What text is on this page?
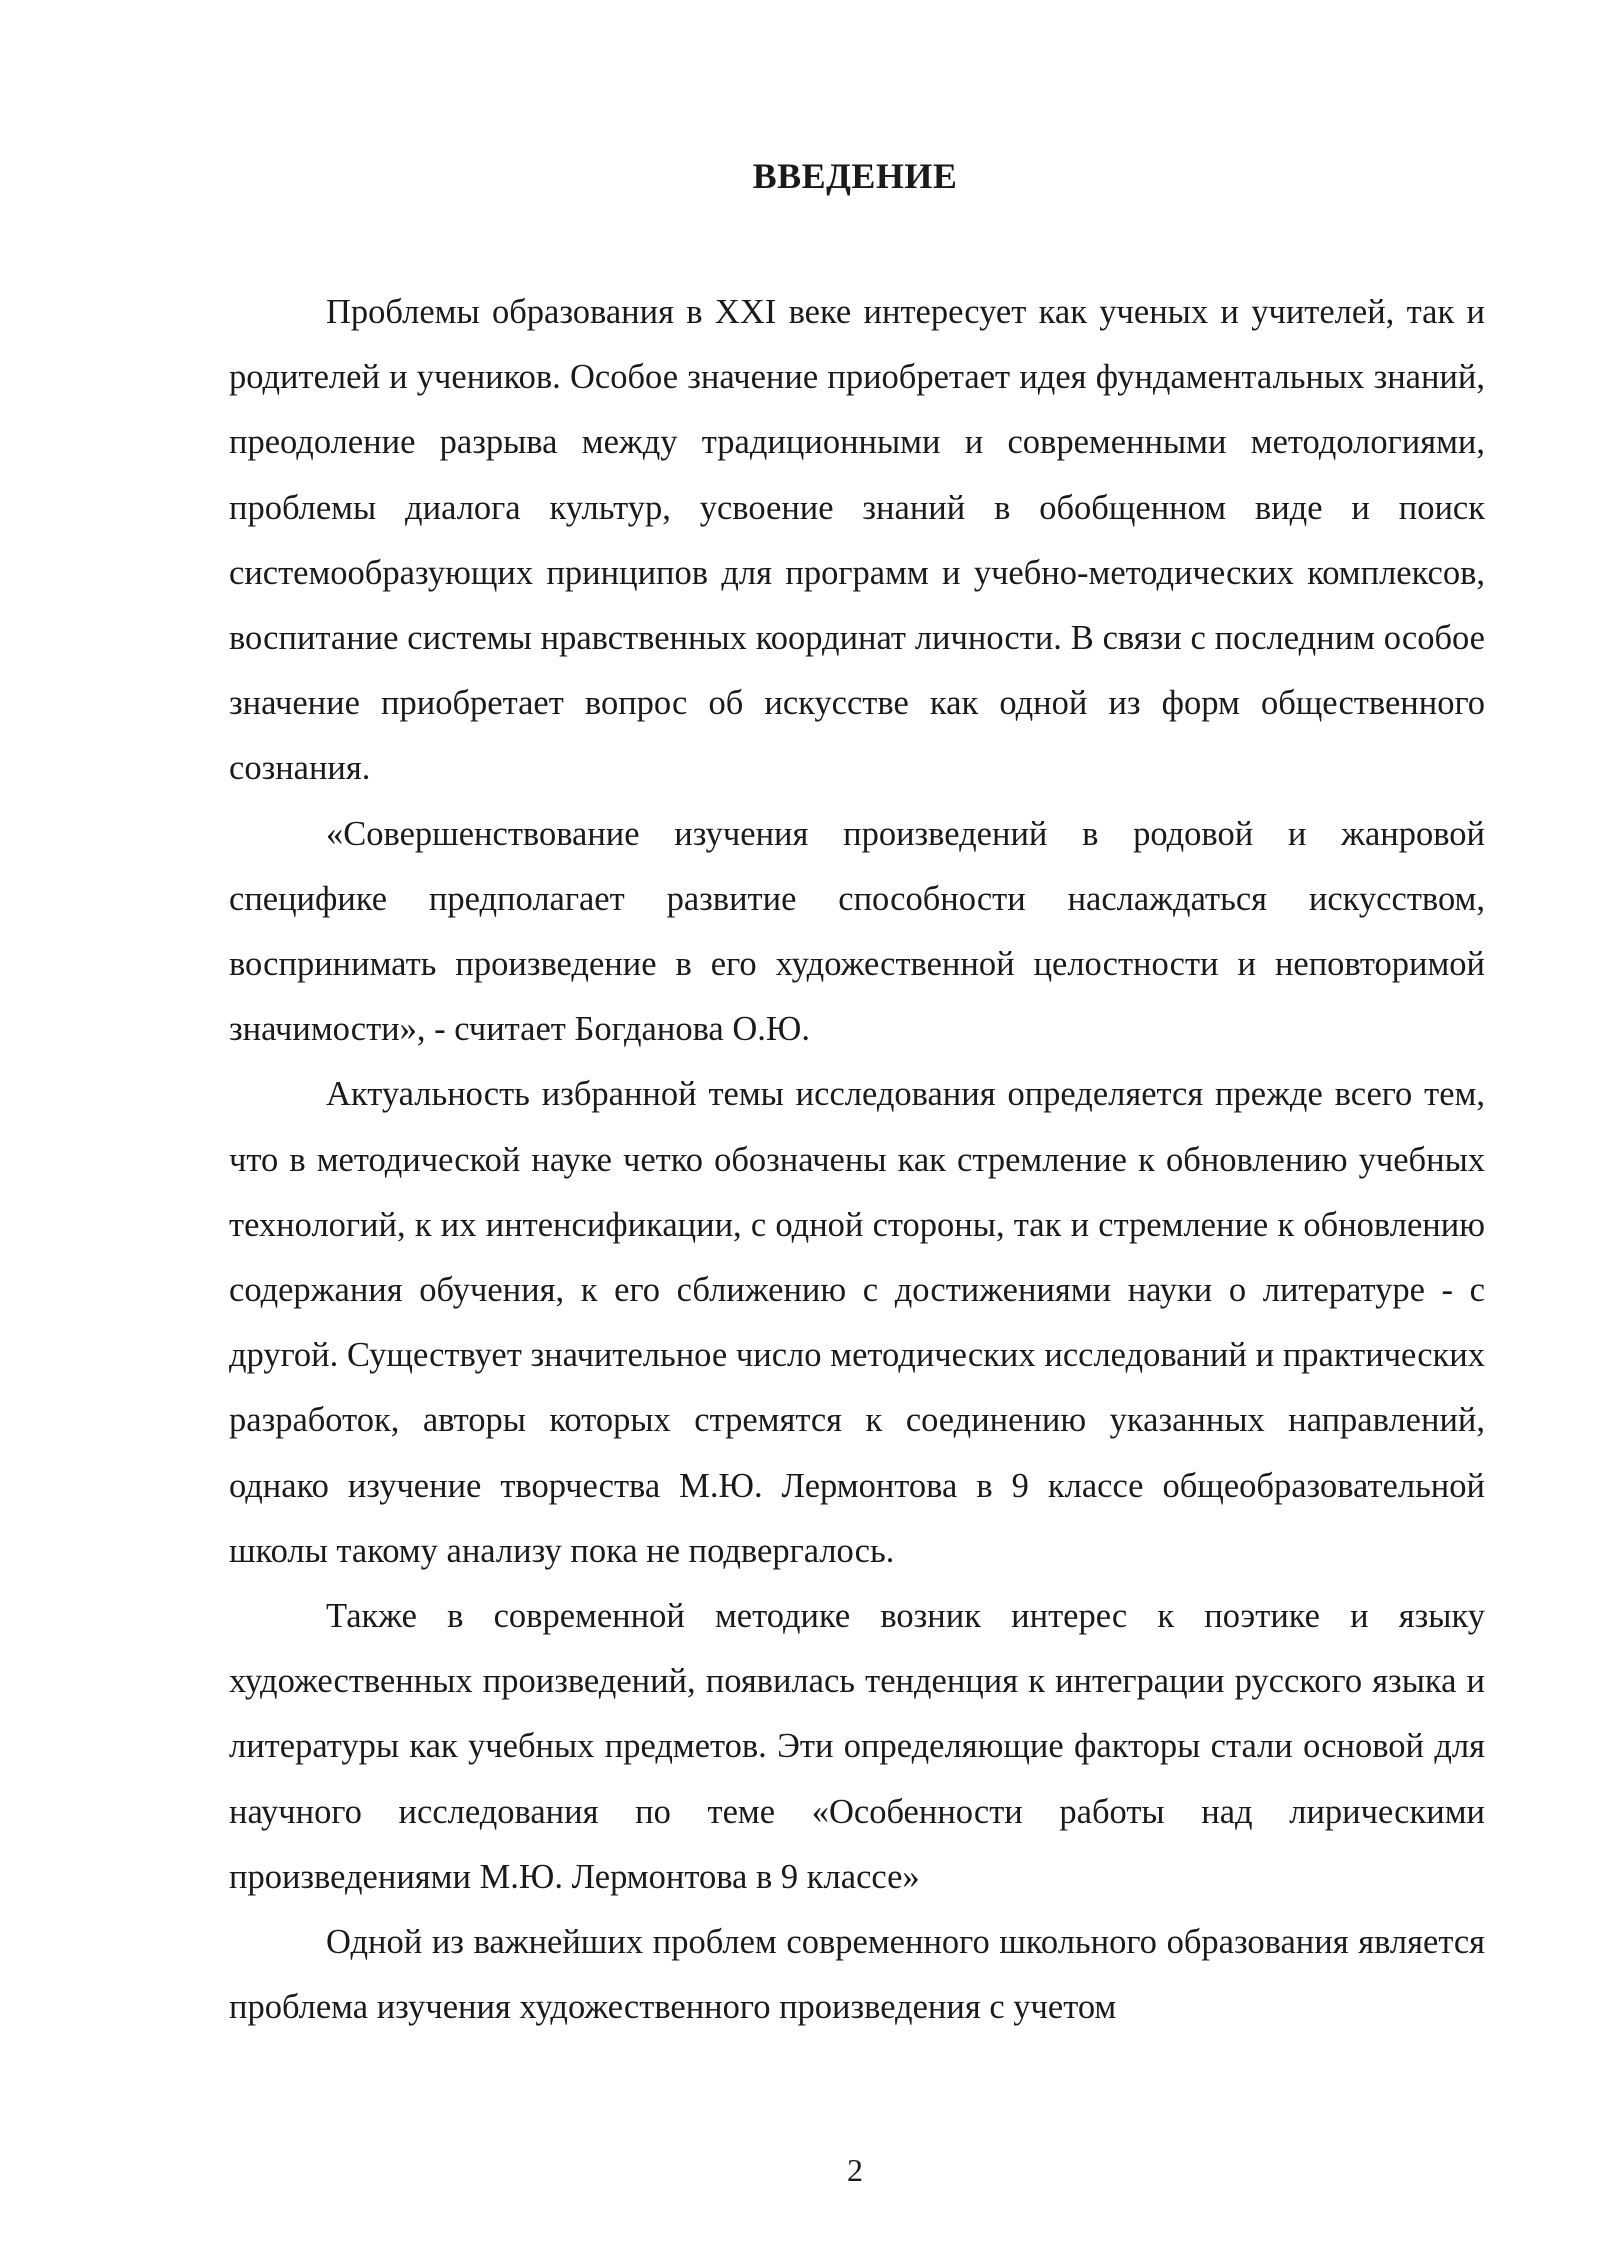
ВВЕДЕНИЕ

Проблемы образования в XXI веке интересует как ученых и учителей, так и родителей и учеников. Особое значение приобретает идея фундаментальных знаний, преодоление разрыва между традиционными и современными методологиями, проблемы диалога культур, усвоение знаний в обобщенном виде и поиск системообразующих принципов для программ и учебно-методических комплексов, воспитание системы нравственных координат личности. В связи с последним особое значение приобретает вопрос об искусстве как одной из форм общественного сознания.

«Совершенствование изучения произведений в родовой и жанровой специфике предполагает развитие способности наслаждаться искусством, воспринимать произведение в его художественной целостности и неповторимой значимости», - считает Богданова О.Ю.

Актуальность избранной темы исследования определяется прежде всего тем, что в методической науке четко обозначены как стремление к обновлению учебных технологий, к их интенсификации, с одной стороны, так и стремление к обновлению содержания обучения, к его сближению с достижениями науки о литературе - с другой. Существует значительное число методических исследований и практических разработок, авторы которых стремятся к соединению указанных направлений, однако изучение творчества М.Ю. Лермонтова в 9 классе общеобразовательной школы такому анализу пока не подвергалось.

Также в современной методике возник интерес к поэтике и языку художественных произведений, появилась тенденция к интеграции русского языка и литературы как учебных предметов. Эти определяющие факторы стали основой для научного исследования по теме «Особенности работы над лирическими произведениями М.Ю. Лермонтова в 9 классе»

Одной из важнейших проблем современного школьного образования является проблема изучения художественного произведения с учетом

2
